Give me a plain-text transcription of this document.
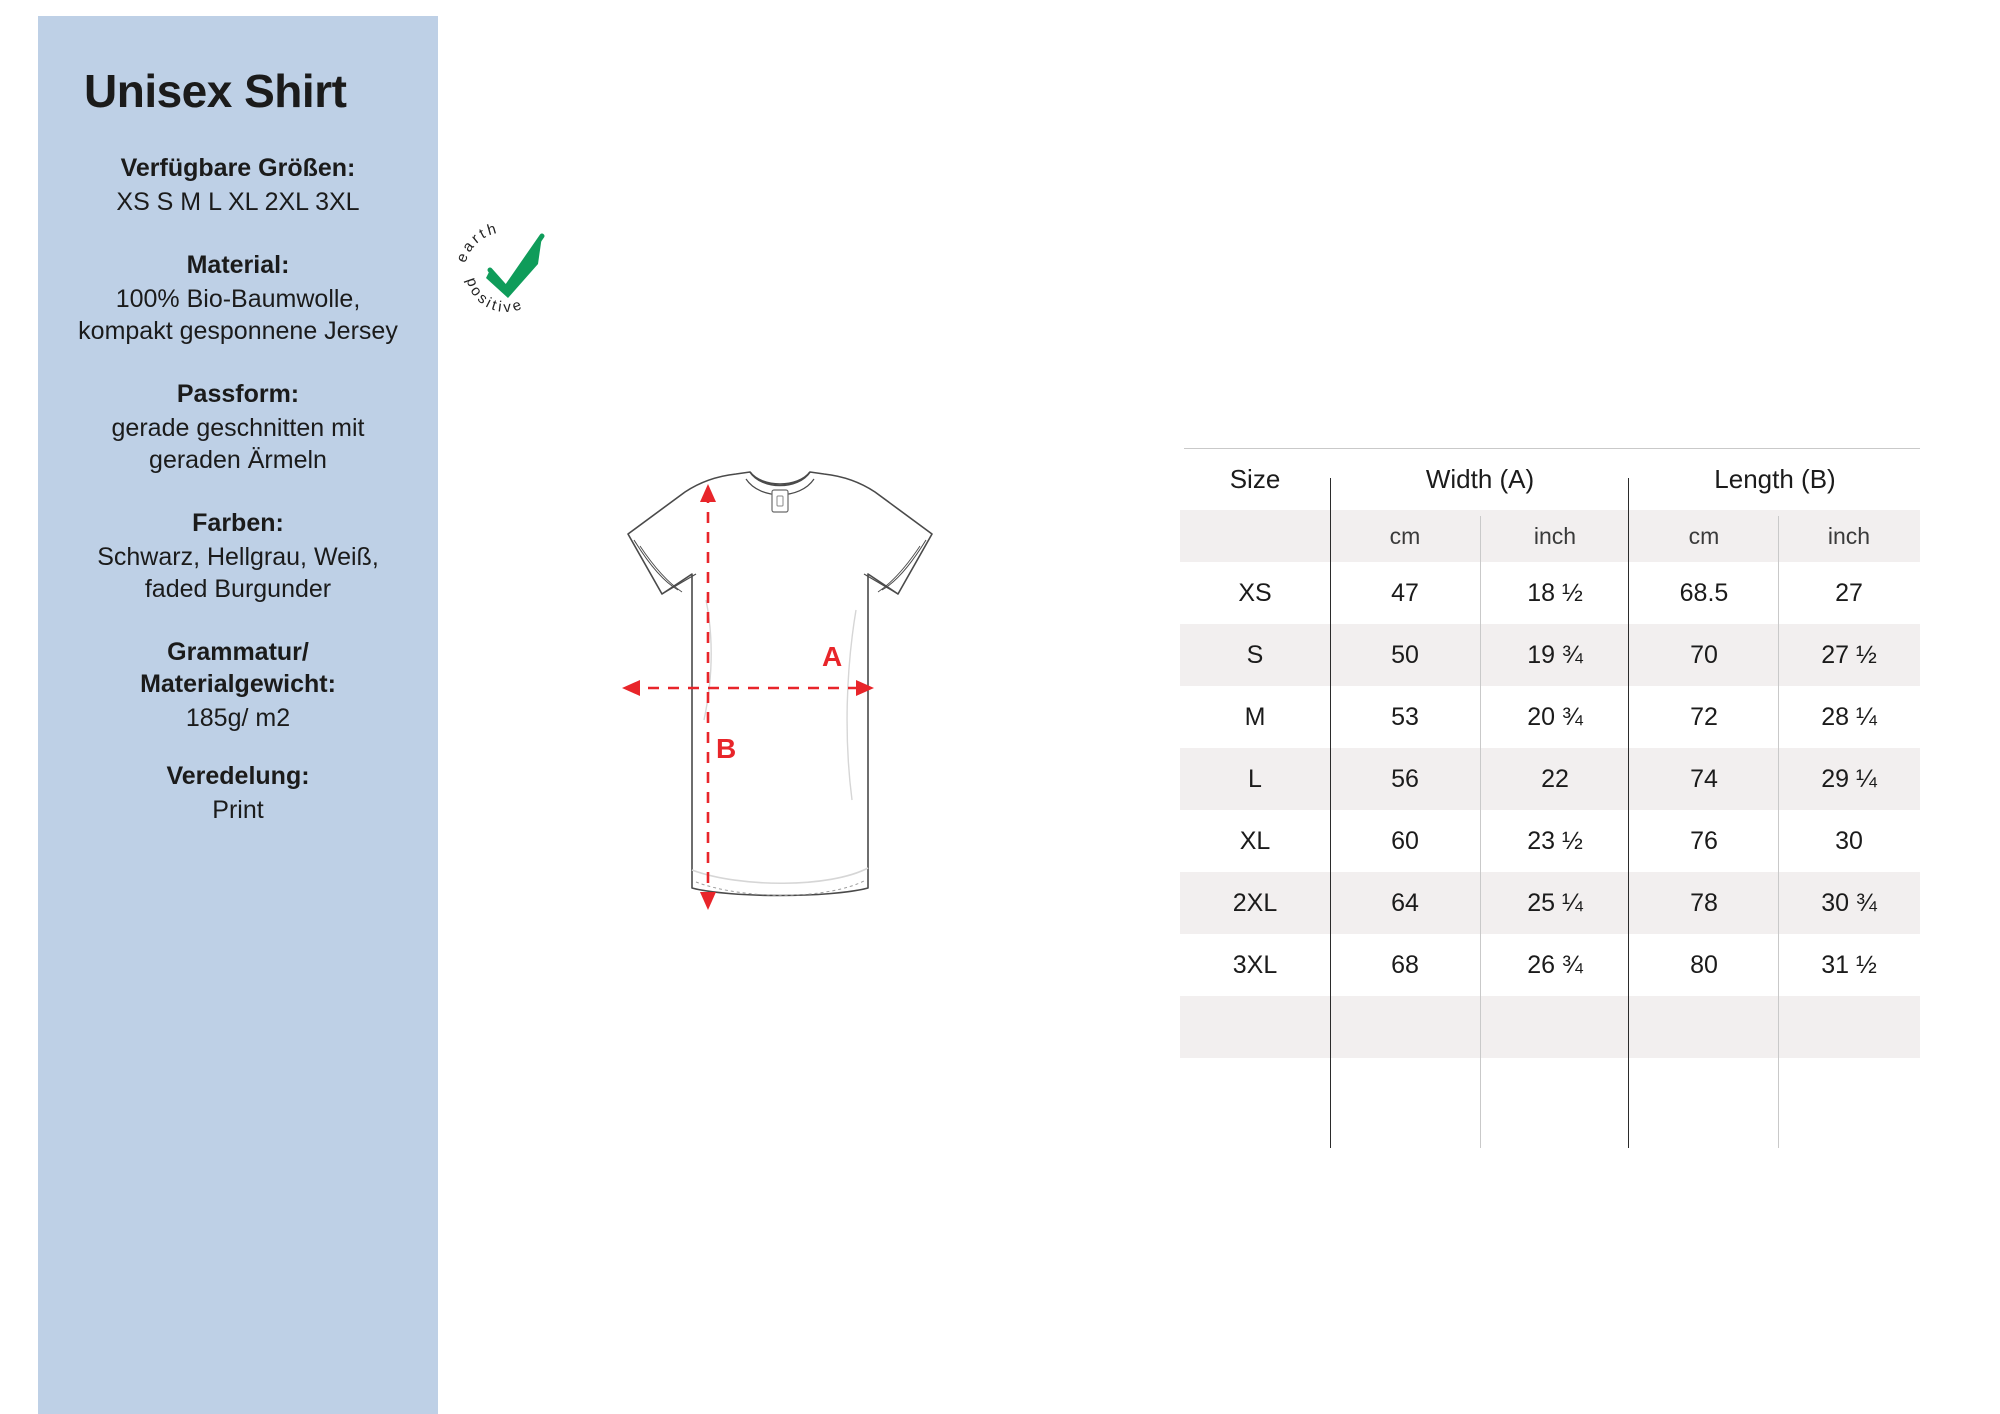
Unisex Shirt
Verfügbare Größen:
XS S M L XL 2XL 3XL
Material:
100% Bio-Baumwolle, kompakt gesponnene Jersey
Passform:
gerade geschnitten mit geraden Ärmeln
Farben:
Schwarz, Hellgrau, Weiß, faded Burgunder
Grammatur/ Materialgewicht:
185g/ m2
Veredelung:
Print
earth
positive
A
B
Size	Width (A)		Length (B)	
	cm	inch	cm	inch
XS	47	18 ½	68.5	27
S	50	19 ¾	70	27 ½
M	53	20 ¾	72	28 ¼
L	56	22	74	29 ¼
XL	60	23 ½	76	30
2XL	64	25 ¼	78	30 ¾
3XL	68	26 ¾	80	31 ½
